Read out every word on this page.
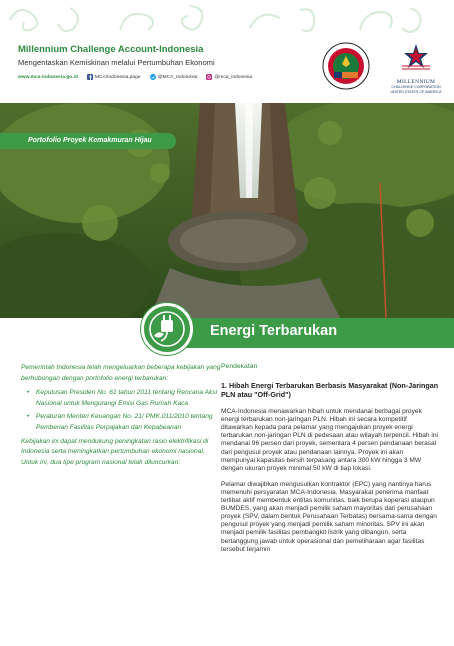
Millennium Challenge Account-Indonesia
Mengentaskan Kemiskinan melalui Pertumbuhan Ekonomi
www.mca-indonesia.go.id	MCA/Indonesia.page	@MCA_Indonesia	@mca_indonesia
MILLENNIUM
CHALLENGE CORPORATION
UNITED STATES OF AMERICA
Portofolio Proyek Kemakmuran Hijau
Energi Terbarukan

Pemerintah Indonesia telah mengeluarkan beberapa kebijakan yang berhubungan dengan portofolio energi terbarukan:

• Keputusan Presiden No. 61 tahun 2011 tentang Rencana Aksi Nasional untuk Mengurangi Emisi Gas Rumah Kaca
• Peraturan Menteri Keuangan No. 21/ PMK.011/2010 tentang Pemberian Fasilitas Perpajakan dan Kepabeanan

Kebijakan ini dapat mendukung peningkatan rasio elektrifikasi di Indonesia serta meningkatkan pertumbuhan ekonomi nasional. Untuk ini, dua tipe program nasional telah diluncurkan:

Pendekatan
1. Hibah Energi Terbarukan Berbasis Masyarakat (Non-Jaringan PLN atau "Off-Grid")

MCA-Indonesia menawarkan hibah untuk mendanai berbagai proyek energi terbarukan non-jaringan PLN. Hibah ini secara kompetitif ditawarkan kepada para pelamar yang mengajukan proyek energi terbarukan non-jaringan PLN di pedesaan atau wilayah terpencil. Hibah ini mendanai 96 persen dari proyek, sementara 4 persen pendanaan berasal dari pengusul proyek atau pendanaan lainnya. Proyek ini akan mempunyai kapasitas bersih terpasang antara 300 kW hingga 3 MW dengan ukuran proyek minimal 50 kW di tiap lokasi.

Pelamar diwajibkan mengusulkan kontraktor (EPC) yang nantinya harus memenuhi persyaratan MCA-Indonesia. Masyarakat penerima manfaat terlibat aktif membentuk entitas komunitas, baik berupa koperasi ataupun BUMDES, yang akan menjadi pemilik saham mayoritas dari perusahaan proyek (SPV, dalam bentuk Perusahaan Terbatas) bersama-sama dengan pengusul proyek yang menjadi pemilik saham minoritas. SPV ini akan menjadi pemilik fasilitas pembangkit listrik yang dibangun, serta bertanggung jawab untuk operasional dan pemeliharaan agar fasilitas tersebut terjamin
